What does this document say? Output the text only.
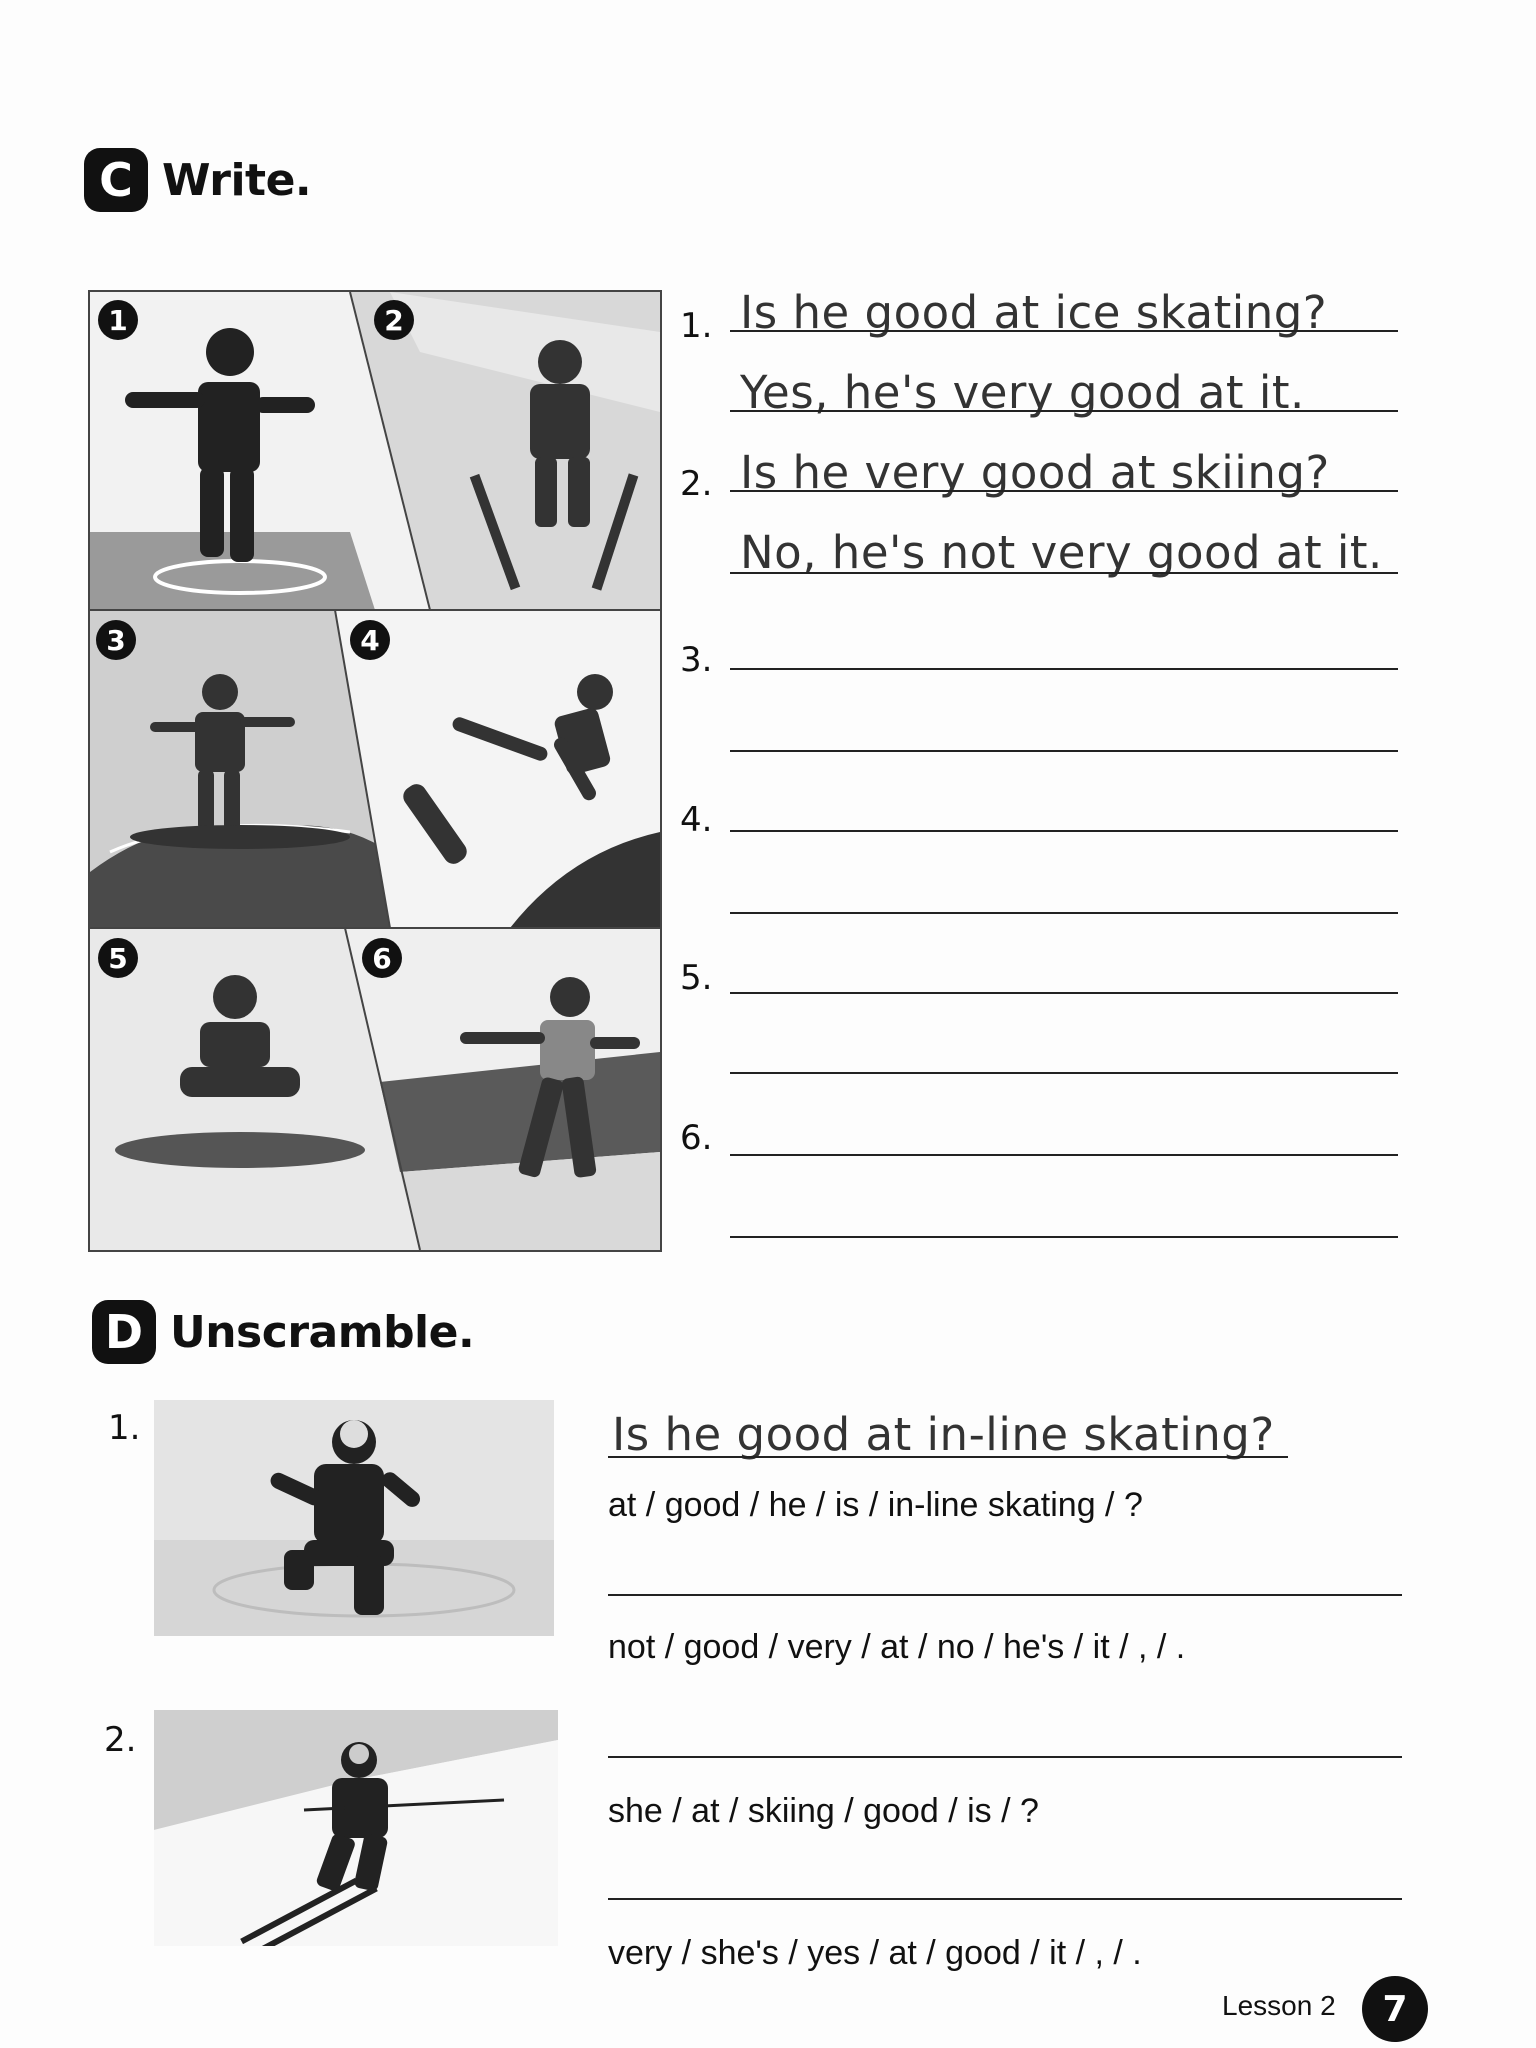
C Write.
1	2
3	4
5	6
1. Is he good at ice skating?
Yes, he's very good at it.
2. Is he very good at skiing?
No, he's not very good at it.
3.
4.
5.
6.
D Unscramble.
1.	Is he good at in-line skating?
at / good / he / is / in-line skating / ?
not / good / very / at / no / he's / it / , / .
2.
she / at / skiing / good / is / ?
very / she's / yes / at / good / it / , / .
Lesson 2	7
